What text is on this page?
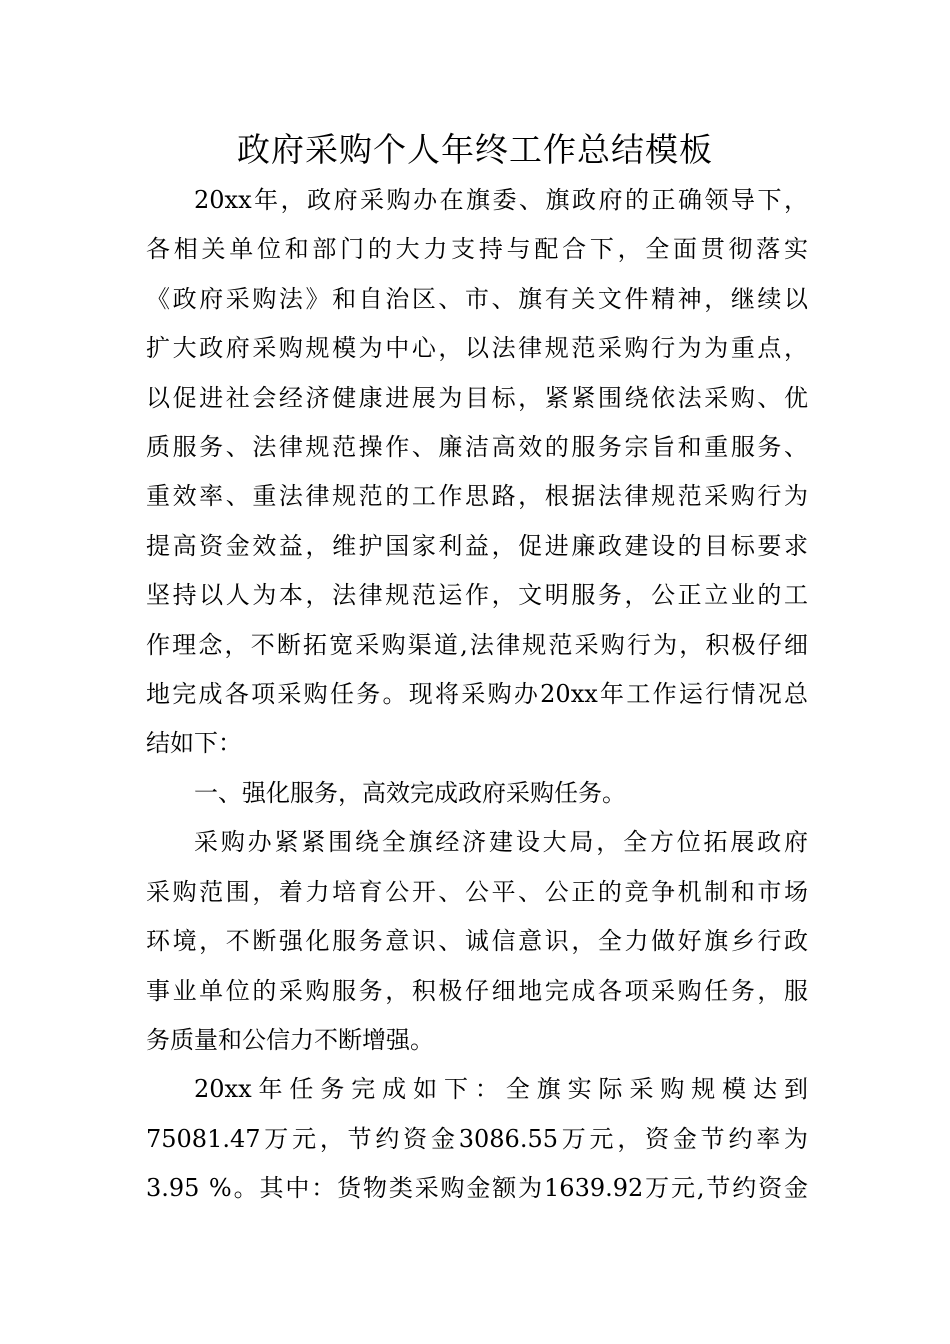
政府采购个人年终工作总结模板
20xx年，政府采购办在旗委、旗政府的正确领导下，
各相关单位和部门的大力支持与配合下，全面贯彻落实
《政府采购法》和自治区、市、旗有关文件精神，继续以
扩大政府采购规模为中心，以法律规范采购行为为重点，
以促进社会经济健康进展为目标，紧紧围绕依法采购、优
质服务、法律规范操作、廉洁高效的服务宗旨和重服务、
重效率、重法律规范的工作思路，根据法律规范采购行为
提高资金效益，维护国家利益，促进廉政建设的目标要求
坚持以人为本，法律规范运作，文明服务，公正立业的工
作理念，不断拓宽采购渠道,法律规范采购行为，积极仔细
地完成各项采购任务。现将采购办20xx年工作运行情况总
结如下：
一、强化服务，高效完成政府采购任务。
采购办紧紧围绕全旗经济建设大局，全方位拓展政府
采购范围，着力培育公开、公平、公正的竞争机制和市场
环境，不断强化服务意识、诚信意识，全力做好旗乡行政
事业单位的采购服务，积极仔细地完成各项采购任务，服
务质量和公信力不断增强。
20xx年任务完成如下：全旗实际采购规模达到
75081.47万元，节约资金3086.55万元，资金节约率为
3.95 %。其中：货物类采购金额为1639.92万元,节约资金
